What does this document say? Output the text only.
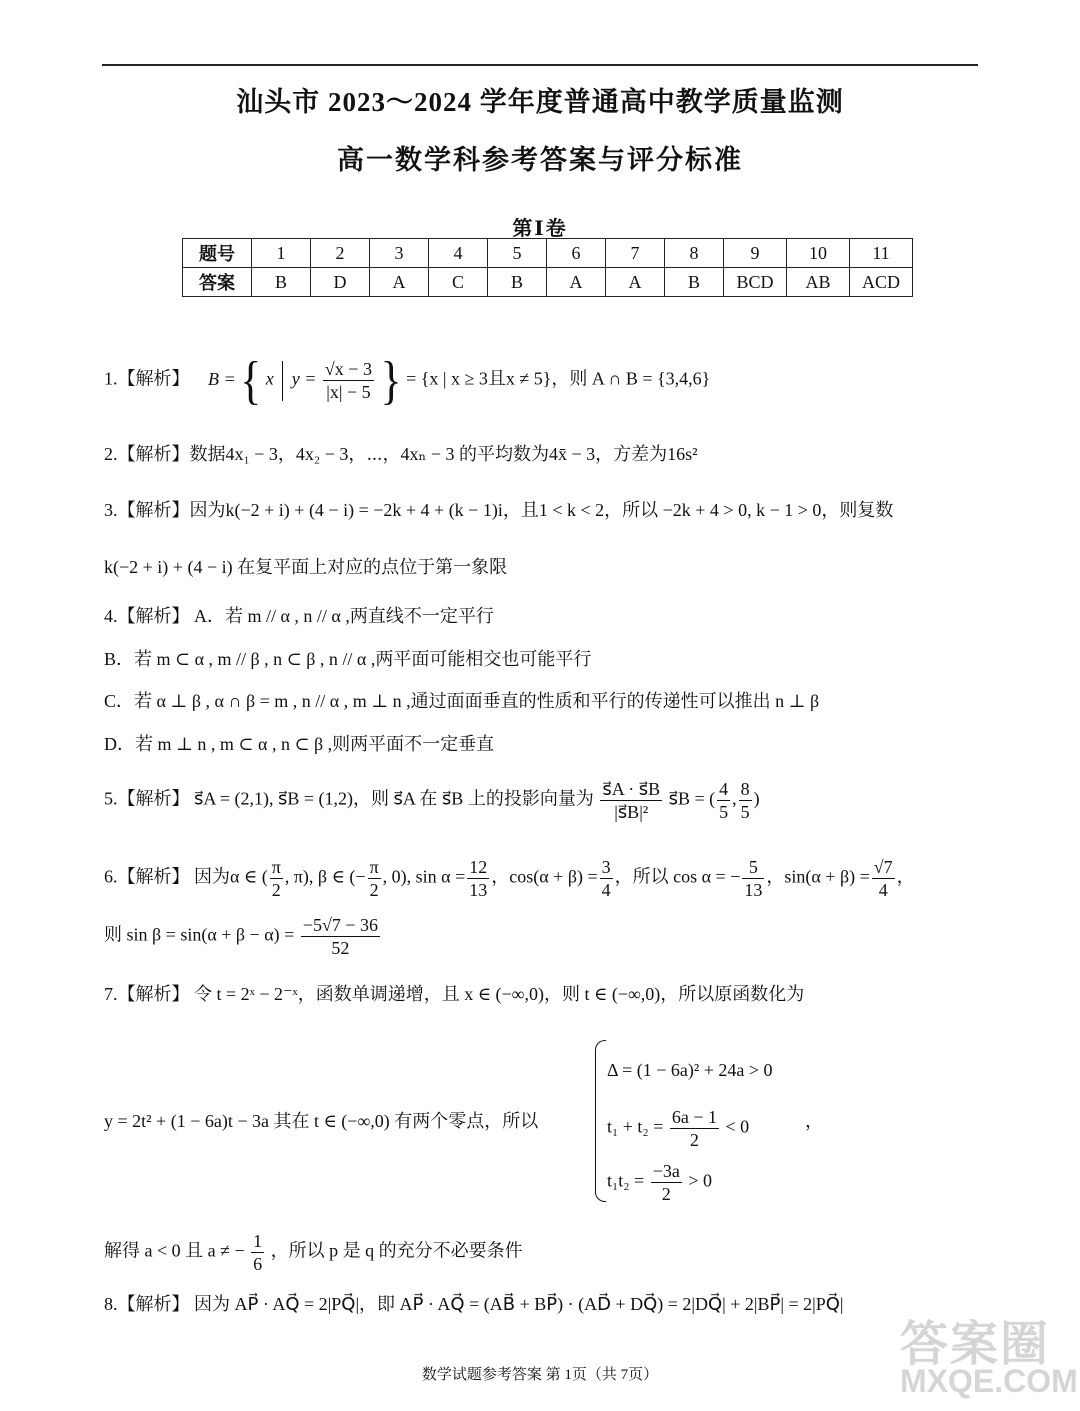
汕头市 2023～2024 学年度普通高中教学质量监测
高一数学科参考答案与评分标准
第Ⅰ卷
题号	1	2	3	4	5	6	7	8	9	10	11
答案	B	D	A	C	B	A	A	B	BCD	AB	ACD
1.【解析】 B = { x $y = \frac{√x - 3}{|x| - 5}$ } = {x | x ≥ 3且x ≠ 5}，则 A ∩ B = {3,4,6}
2.【解析】数据4x₁ − 3，4x₂ − 3，⋯，4xₙ − 3 的平均数为4x̄ − 3，方差为16s²
3.【解析】因为k(−2 + i) + (4 − i) = −2k + 4 + (k − 1)i，且1 < k < 2，所以 −2k + 4 > 0, k − 1 > 0，则复数
k(−2 + i) + (4 − i) 在复平面上对应的点位于第一象限
4.【解析】 A．若 m // α , n // α ,两直线不一定平行
B．若 m ⊂ α , m // β , n ⊂ β , n // α ,两平面可能相交也可能平行
C．若 α ⊥ β , α ∩ β = m , n // α , m ⊥ n ,通过面面垂直的性质和平行的传递性可以推出 n ⊥ β
D．若 m ⊥ n , m ⊂ α , n ⊂ β ,则两平面不一定垂直
5.【解析】 s⃗A = (2,1), s⃗B = (1,2)，则 s⃗A 在 s⃗B 上的投影向量为 $\frac{s⃗A \cdot s⃗B}{\text{|s⃗B|²}}$ s⃗B = ( $\frac{4}{5}$ , $\frac{8}{5}$ )
6.【解析】 因为α ∈ ( $\frac{\pi}{2}$ , π), β ∈ (− $\frac{\pi}{2}$ , 0), $\sin \alpha = \frac{12}{13}$ ，$\cos(\alpha + \beta) = \frac{3}{4}$ ，所以 cos α = − $\frac{5}{13}$ ，$\sin(\alpha + \beta) = \frac{√7}{4}$ ，
则 $\sin \beta = \sin(\alpha + \beta - \alpha) = \frac{-5√7 - 36}{52}$
7.【解析】 令 t = 2ˣ − 2⁻ˣ，函数单调递增，且 x ∈ (−∞,0)，则 t ∈ (−∞,0)，所以原函数化为
y = 2t² + (1 − 6a)t − 3a 其在 t ∈ (−∞,0) 有两个零点，所以
Δ = (1 − 6a)² + 24a > 0
$t_1 + t_2 = \frac{6a - 1}{2} < 0$
$t_1t_2 = \frac{-3a}{2} > 0$
，
解得 a < 0 且 a ≠ − $\frac{1}{6}$ ，所以 p 是 q 的充分不必要条件
8.【解析】 因为 AP⃗ · AQ⃗ = 2|PQ⃗|，即 AP⃗ · AQ⃗ = (AB⃗ + BP⃗) · (AD⃗ + DQ⃗) = 2|DQ⃗| + 2|BP⃗| = 2|PQ⃗|
答案圈
MXQE.COM
数学试题参考答案 第 1页（共 7页）
